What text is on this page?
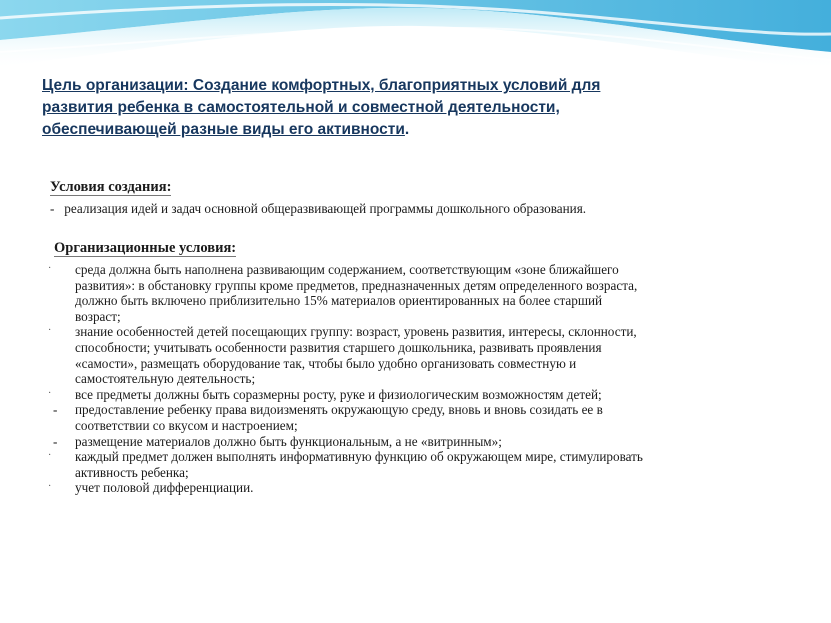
Цель организации: Создание комфортных, благоприятных условий для
развития ребенка в самостоятельной и совместной деятельности,
обеспечивающей разные виды его активности.
Условия создания:
- реализация идей и задач основной общеразвивающей программы дошкольного образования.
Организационные условия:
·	среда должна быть наполнена развивающим содержанием, соответствующим «зоне ближайшего
развития»: в обстановку группы кроме предметов, предназначенных детям определенного возраста,
должно быть включено приблизительно 15% материалов ориентированных на более старший
возраст;
·	знание особенностей детей посещающих группу: возраст, уровень развития, интересы, склонности,
способности; учитывать особенности развития старшего дошкольника, развивать проявления
«самости», размещать оборудование так, чтобы было удобно организовать совместную и
самостоятельную деятельность;
·	все предметы должны быть соразмерны росту, руке и физиологическим возможностям детей;
-	предоставление ребенку права видоизменять окружающую среду, вновь и вновь созидать ее в
соответствии со вкусом и настроением;
-	размещение материалов должно быть функциональным, а не «витринным»;
·	каждый предмет должен выполнять информативную функцию об окружающем мире, стимулировать
активность ребенка;
·	учет половой дифференциации.
